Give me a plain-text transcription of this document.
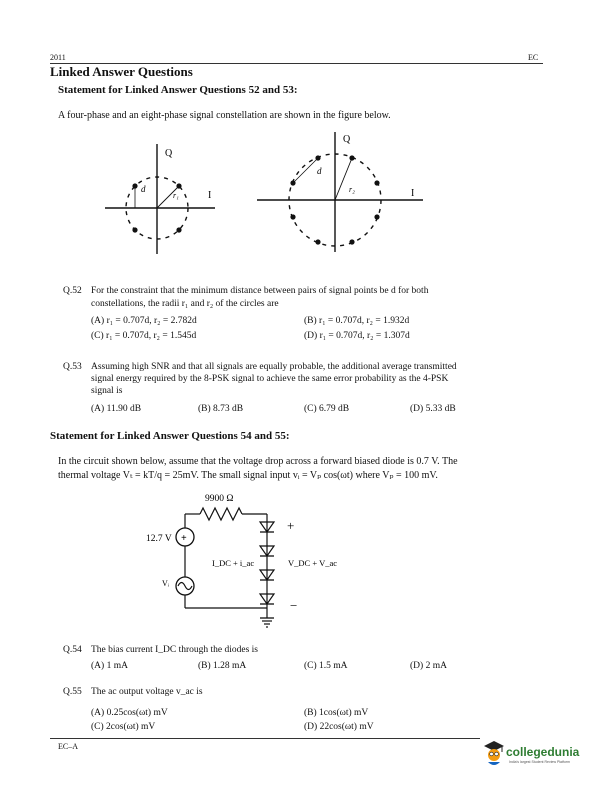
2011	EC
Linked Answer Questions
Statement for Linked Answer Questions 52 and 53:
A four-phase and an eight-phase signal constellation are shown in the figure below.
Q
I
d
r₁
Q
I
d
r₂
Q.52 For the constraint that the minimum distance between pairs of signal points be d for both
constellations, the radii r₁ and r₂ of the circles are
(A) r₁ = 0.707d, r₂ = 2.782d	(B) r₁ = 0.707d, r₂ = 1.932d
(C) r₁ = 0.707d, r₂ = 1.545d	(D) r₁ = 0.707d, r₂ = 1.307d
Q.53 Assuming high SNR and that all signals are equally probable, the additional average transmitted
signal energy required by the 8-PSK signal to achieve the same error probability as the 4-PSK
signal is
(A) 11.90 dB	(B) 8.73 dB	(C) 6.79 dB	(D) 5.33 dB
Statement for Linked Answer Questions 54 and 55:
In the circuit shown below, assume that the voltage drop across a forward biased diode is 0.7 V. The
thermal voltage Vₜ = kT/q = 25mV. The small signal input vᵢ = Vₚ cos(ωt) where Vₚ = 100 mV.
9900 Ω
+
12.7 V
Vᵢ
I_DC + i_ac	V_DC + V_ac
+
−
Q.54 The bias current I_DC through the diodes is
(A) 1 mA	(B) 1.28 mA	(C) 1.5 mA	(D) 2 mA
Q.55 The ac output voltage v_ac is
(A) 0.25cos(ωt) mV	(B) 1cos(ωt) mV
(C) 2cos(ωt) mV	(D) 22cos(ωt) mV
EC–A	collegedunia
India's largest Student Review Platform
